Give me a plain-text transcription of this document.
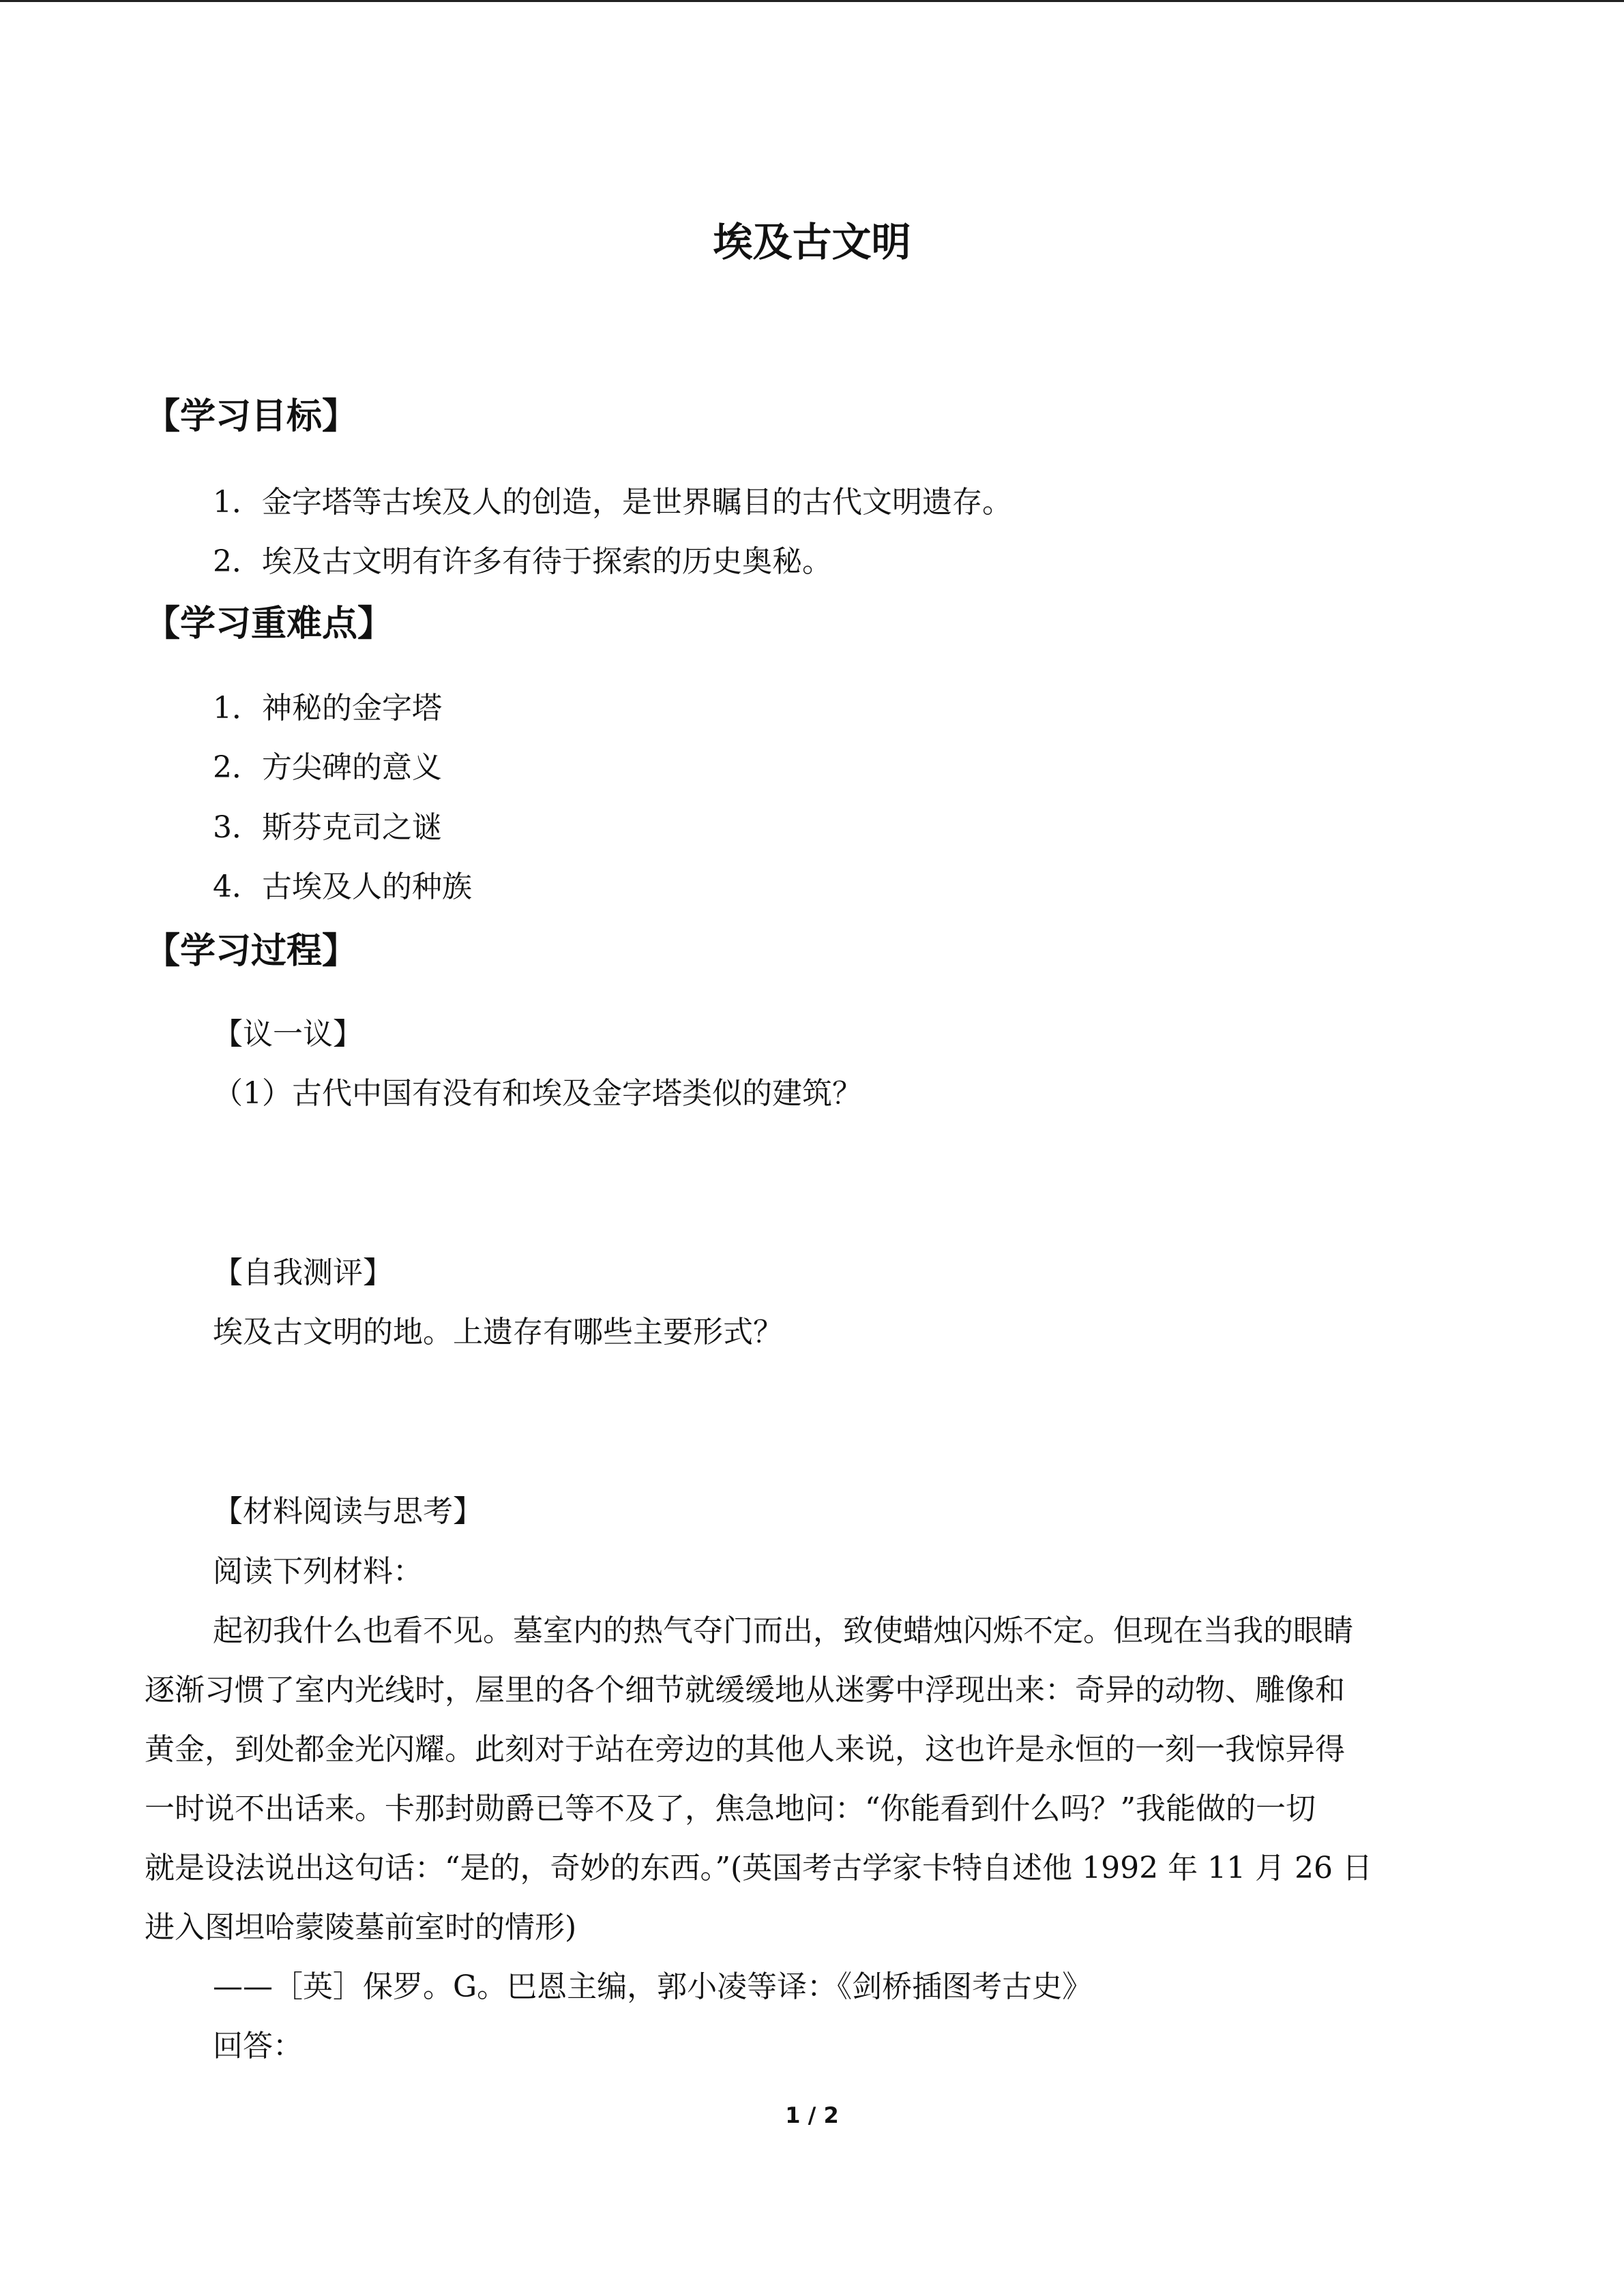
埃及古文明
【学习目标】
1．金字塔等古埃及人的创造，是世界瞩目的古代文明遗存。
2．埃及古文明有许多有待于探索的历史奥秘。
【学习重难点】
1．神秘的金字塔
2．方尖碑的意义
3．斯芬克司之谜
4．古埃及人的种族
【学习过程】
【议一议】
（1）古代中国有没有和埃及金字塔类似的建筑？
【自我测评】
埃及古文明的地。上遗存有哪些主要形式？
【材料阅读与思考】
阅读下列材料：
起初我什么也看不见。墓室内的热气夺门而出，致使蜡烛闪烁不定。但现在当我的眼睛
逐渐习惯了室内光线时，屋里的各个细节就缓缓地从迷雾中浮现出来：奇异的动物、雕像和
黄金，到处都金光闪耀。此刻对于站在旁边的其他人来说，这也许是永恒的一刻一我惊异得
一时说不出话来。卡那封勋爵已等不及了，焦急地问：“你能看到什么吗？”我能做的一切
就是设法说出这句话：“是的，奇妙的东西。”(英国考古学家卡特自述他 1992 年 11 月 26 日
进入图坦哈蒙陵墓前室时的情形)
——［英］保罗。G。巴恩主编，郭小凌等译：《剑桥插图考古史》
回答：
1 / 2
